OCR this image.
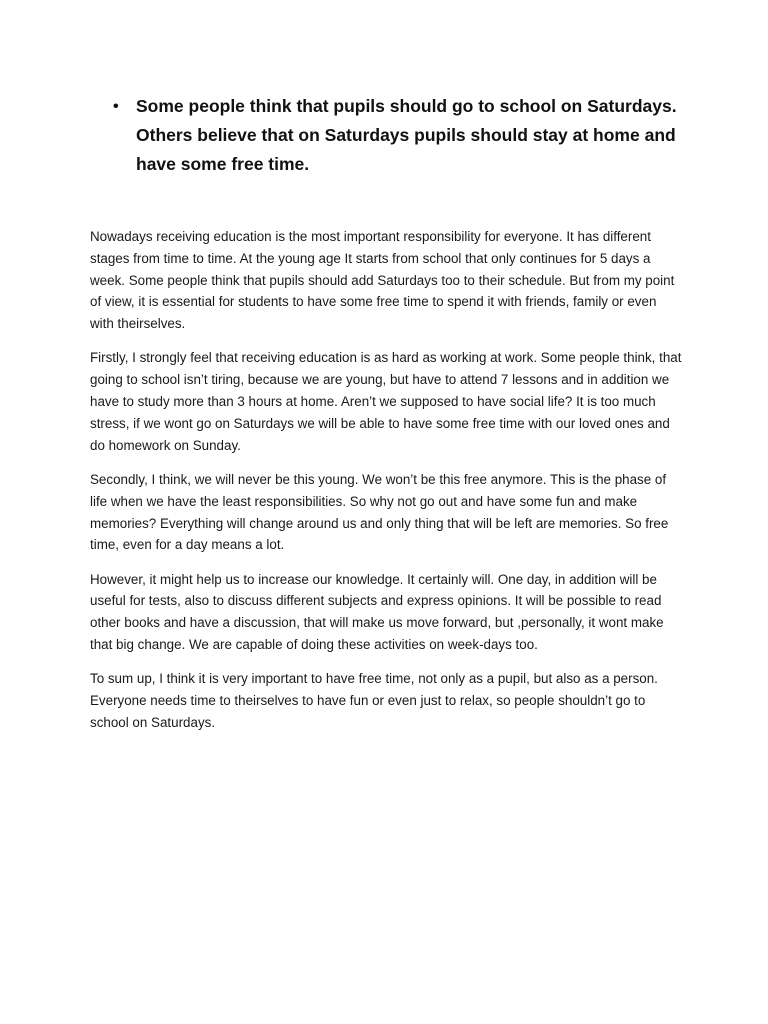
• Some people think that pupils should go to school on Saturdays. Others believe that on Saturdays pupils should stay at home and have some free time.

Nowadays receiving education is the most important responsibility for everyone. It has different stages from time to time. At the young age It starts from school that only continues for 5 days a week. Some people think that pupils should add Saturdays too to their schedule. But from my point of view, it is essential for students to have some free time to spend it with friends, family or even with theirselves.

Firstly, I strongly feel that receiving education is as hard as working at work. Some people think, that going to school isn’t tiring, because we are young, but have to attend 7 lessons and in addition we have to study more than 3 hours at home. Aren’t we supposed to have social life? It is too much stress, if we wont go on Saturdays we will be able to have some free time with our loved ones and do homework on Sunday.

Secondly, I think, we will never be this young. We won’t be this free anymore. This is the phase of life when we have the least responsibilities. So why not go out and have some fun and make memories? Everything will change around us and only thing that will be left are memories. So free time, even for a day means a lot.

However, it might help us to increase our knowledge. It certainly will. One day, in addition will be useful for tests, also to discuss different subjects and express opinions. It will be possible to read other books and have a discussion, that will make us move forward, but ,personally, it wont make that big change. We are capable of doing these activities on week-days too.

To sum up, I think it is very important to have free time, not only as a pupil, but also as a person. Everyone needs time to theirselves to have fun or even just to relax, so people shouldn’t go to school on Saturdays.
